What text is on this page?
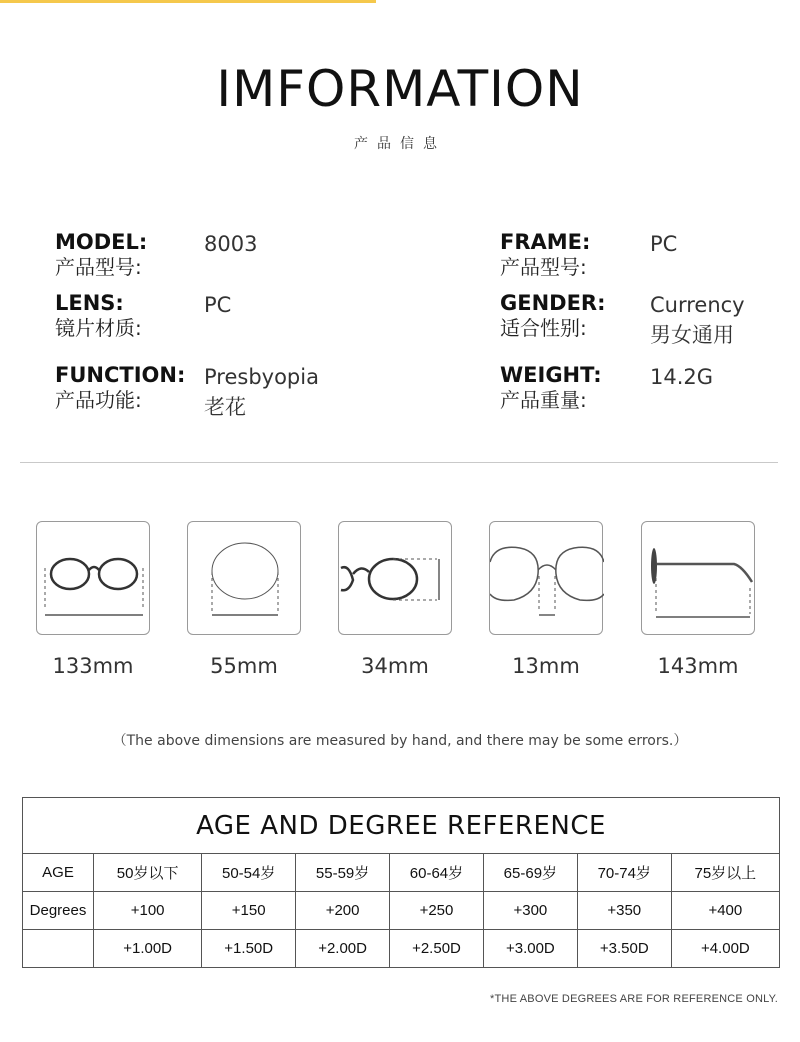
IMFORMATION
产品信息
MODEL:
产品型号:
8003	FRAME:
产品型号:
PC
LENS:
镜片材质:
PC	GENDER:
适合性别:
Currency
男女通用
FUNCTION:
产品功能:
Presbyopia
老花
WEIGHT:
产品重量:
14.2G
133mm	55mm	34mm	13mm	143mm
（The above dimensions are measured by hand, and there may be some errors.）
AGE AND DEGREE REFERENCE							
AGE	50岁以下	50-54岁	55-59岁	60-64岁	65-69岁	70-74岁	75岁以上
Degrees	+100	+150	+200	+250	+300	+350	+400
	+1.00D	+1.50D	+2.00D	+2.50D	+3.00D	+3.50D	+4.00D
*THE ABOVE DEGREES ARE FOR REFERENCE ONLY.
